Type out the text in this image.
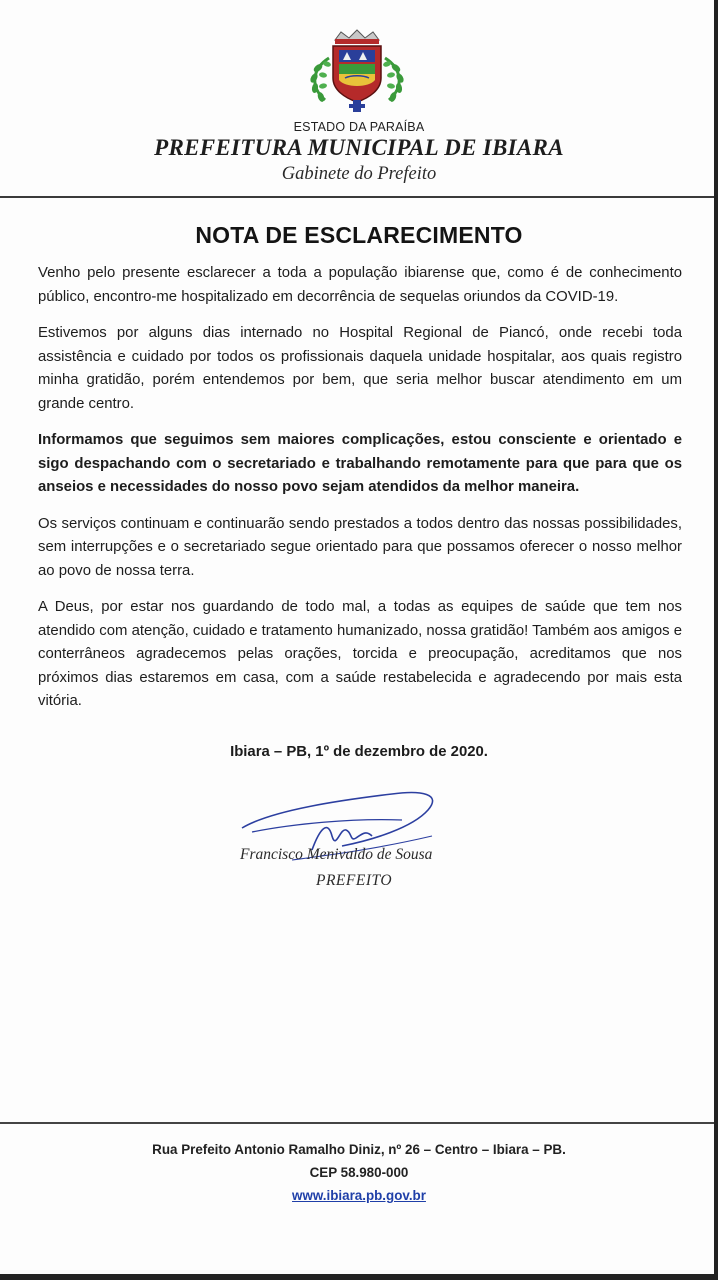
ESTADO DA PARAÍBA
PREFEITURA MUNICIPAL DE IBIARA
Gabinete do Prefeito
NOTA DE ESCLARECIMENTO

Venho pelo presente esclarecer a toda a população ibiarense que, como é de conhecimento público, encontro-me hospitalizado em decorrência de sequelas oriundos da COVID-19.

Estivemos por alguns dias internado no Hospital Regional de Piancó, onde recebi toda assistência e cuidado por todos os profissionais daquela unidade hospitalar, aos quais registro minha gratidão, porém entendemos por bem, que seria melhor buscar atendimento em um grande centro.

Informamos que seguimos sem maiores complicações, estou consciente e orientado e sigo despachando com o secretariado e trabalhando remotamente para que para que os anseios e necessidades do nosso povo sejam atendidos da melhor maneira.

Os serviços continuam e continuarão sendo prestados a todos dentro das nossas possibilidades, sem interrupções e o secretariado segue orientado para que possamos oferecer o nosso melhor ao povo de nossa terra.

A Deus, por estar nos guardando de todo mal, a todas as equipes de saúde que tem nos atendido com atenção, cuidado e tratamento humanizado, nossa gratidão! Também aos amigos e conterrâneos agradecemos pelas orações, torcida e preocupação, acreditamos que nos próximos dias estaremos em casa, com a saúde restabelecida e agradecendo por mais esta vitória.

Ibiara – PB, 1º de dezembro de 2020.
Francisco Menivaldo de Sousa
PREFEITO
Rua Prefeito Antonio Ramalho Diniz, nº 26 – Centro – Ibiara – PB.
CEP 58.980-000
www.ibiara.pb.gov.br
